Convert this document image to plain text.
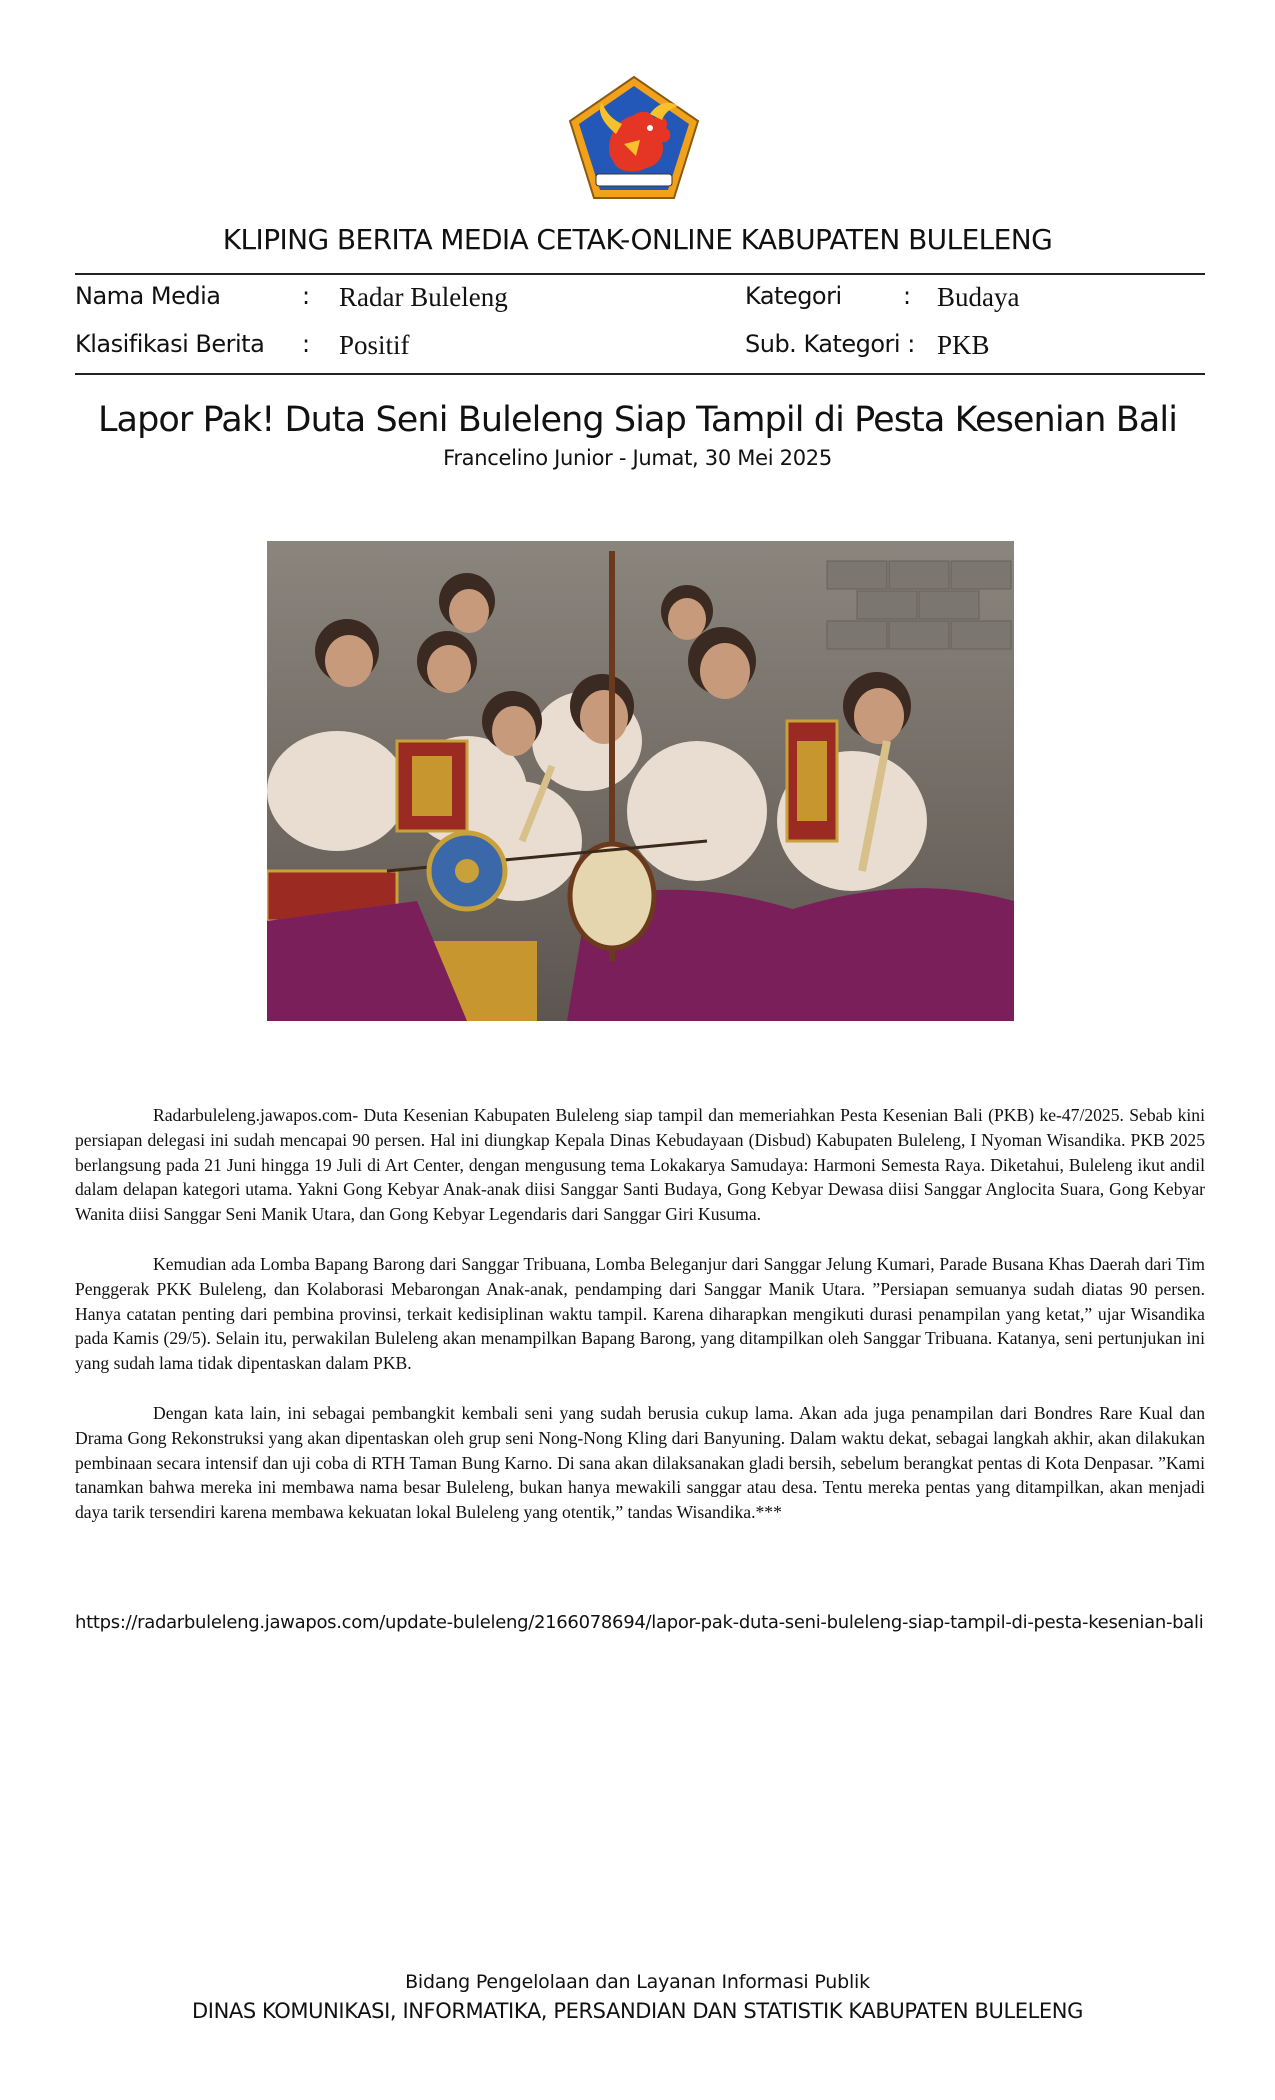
KLIPING BERITA MEDIA CETAK-ONLINE KABUPATEN BULELENG
Nama Media	: Radar Buleleng	Kategori	: Budaya
Klasifikasi Berita : Positif	Sub. Kategori : PKB
Lapor Pak! Duta Seni Buleleng Siap Tampil di Pesta Kesenian Bali
Francelino Junior - Jumat, 30 Mei 2025

Radarbuleleng.jawapos.com- Duta Kesenian Kabupaten Buleleng siap tampil dan memeriahkan Pesta Kesenian Bali (PKB) ke-47/2025. Sebab kini persiapan delegasi ini sudah mencapai 90 persen. Hal ini diungkap Kepala Dinas Kebudayaan (Disbud) Kabupaten Buleleng, I Nyoman Wisandika. PKB 2025 berlangsung pada 21 Juni hingga 19 Juli di Art Center, dengan mengusung tema Lokakarya Samudaya: Harmoni Semesta Raya. Diketahui, Buleleng ikut andil dalam delapan kategori utama. Yakni Gong Kebyar Anak-anak diisi Sanggar Santi Budaya, Gong Kebyar Dewasa diisi Sanggar Anglocita Suara, Gong Kebyar Wanita diisi Sanggar Seni Manik Utara, dan Gong Kebyar Legendaris dari Sanggar Giri Kusuma.

Kemudian ada Lomba Bapang Barong dari Sanggar Tribuana, Lomba Beleganjur dari Sanggar Jelung Kumari, Parade Busana Khas Daerah dari Tim Penggerak PKK Buleleng, dan Kolaborasi Mebarongan Anak-anak, pendamping dari Sanggar Manik Utara. ”Persiapan semuanya sudah diatas 90 persen. Hanya catatan penting dari pembina provinsi, terkait kedisiplinan waktu tampil. Karena diharapkan mengikuti durasi penampilan yang ketat,” ujar Wisandika pada Kamis (29/5). Selain itu, perwakilan Buleleng akan menampilkan Bapang Barong, yang ditampilkan oleh Sanggar Tribuana. Katanya, seni pertunjukan ini yang sudah lama tidak dipentaskan dalam PKB.

Dengan kata lain, ini sebagai pembangkit kembali seni yang sudah berusia cukup lama. Akan ada juga penampilan dari Bondres Rare Kual dan Drama Gong Rekonstruksi yang akan dipentaskan oleh grup seni Nong-Nong Kling dari Banyuning. Dalam waktu dekat, sebagai langkah akhir, akan dilakukan pembinaan secara intensif dan uji coba di RTH Taman Bung Karno. Di sana akan dilaksanakan gladi bersih, sebelum berangkat pentas di Kota Denpasar. ”Kami tanamkan bahwa mereka ini membawa nama besar Buleleng, bukan hanya mewakili sanggar atau desa. Tentu mereka pentas yang ditampilkan, akan menjadi daya tarik tersendiri karena membawa kekuatan lokal Buleleng yang otentik,” tandas Wisandika.***

https://radarbuleleng.jawapos.com/update-buleleng/2166078694/lapor-pak-duta-seni-buleleng-siap-tampil-di-pesta-kesenian-bali
Bidang Pengelolaan dan Layanan Informasi Publik
DINAS KOMUNIKASI, INFORMATIKA, PERSANDIAN DAN STATISTIK KABUPATEN BULELENG
